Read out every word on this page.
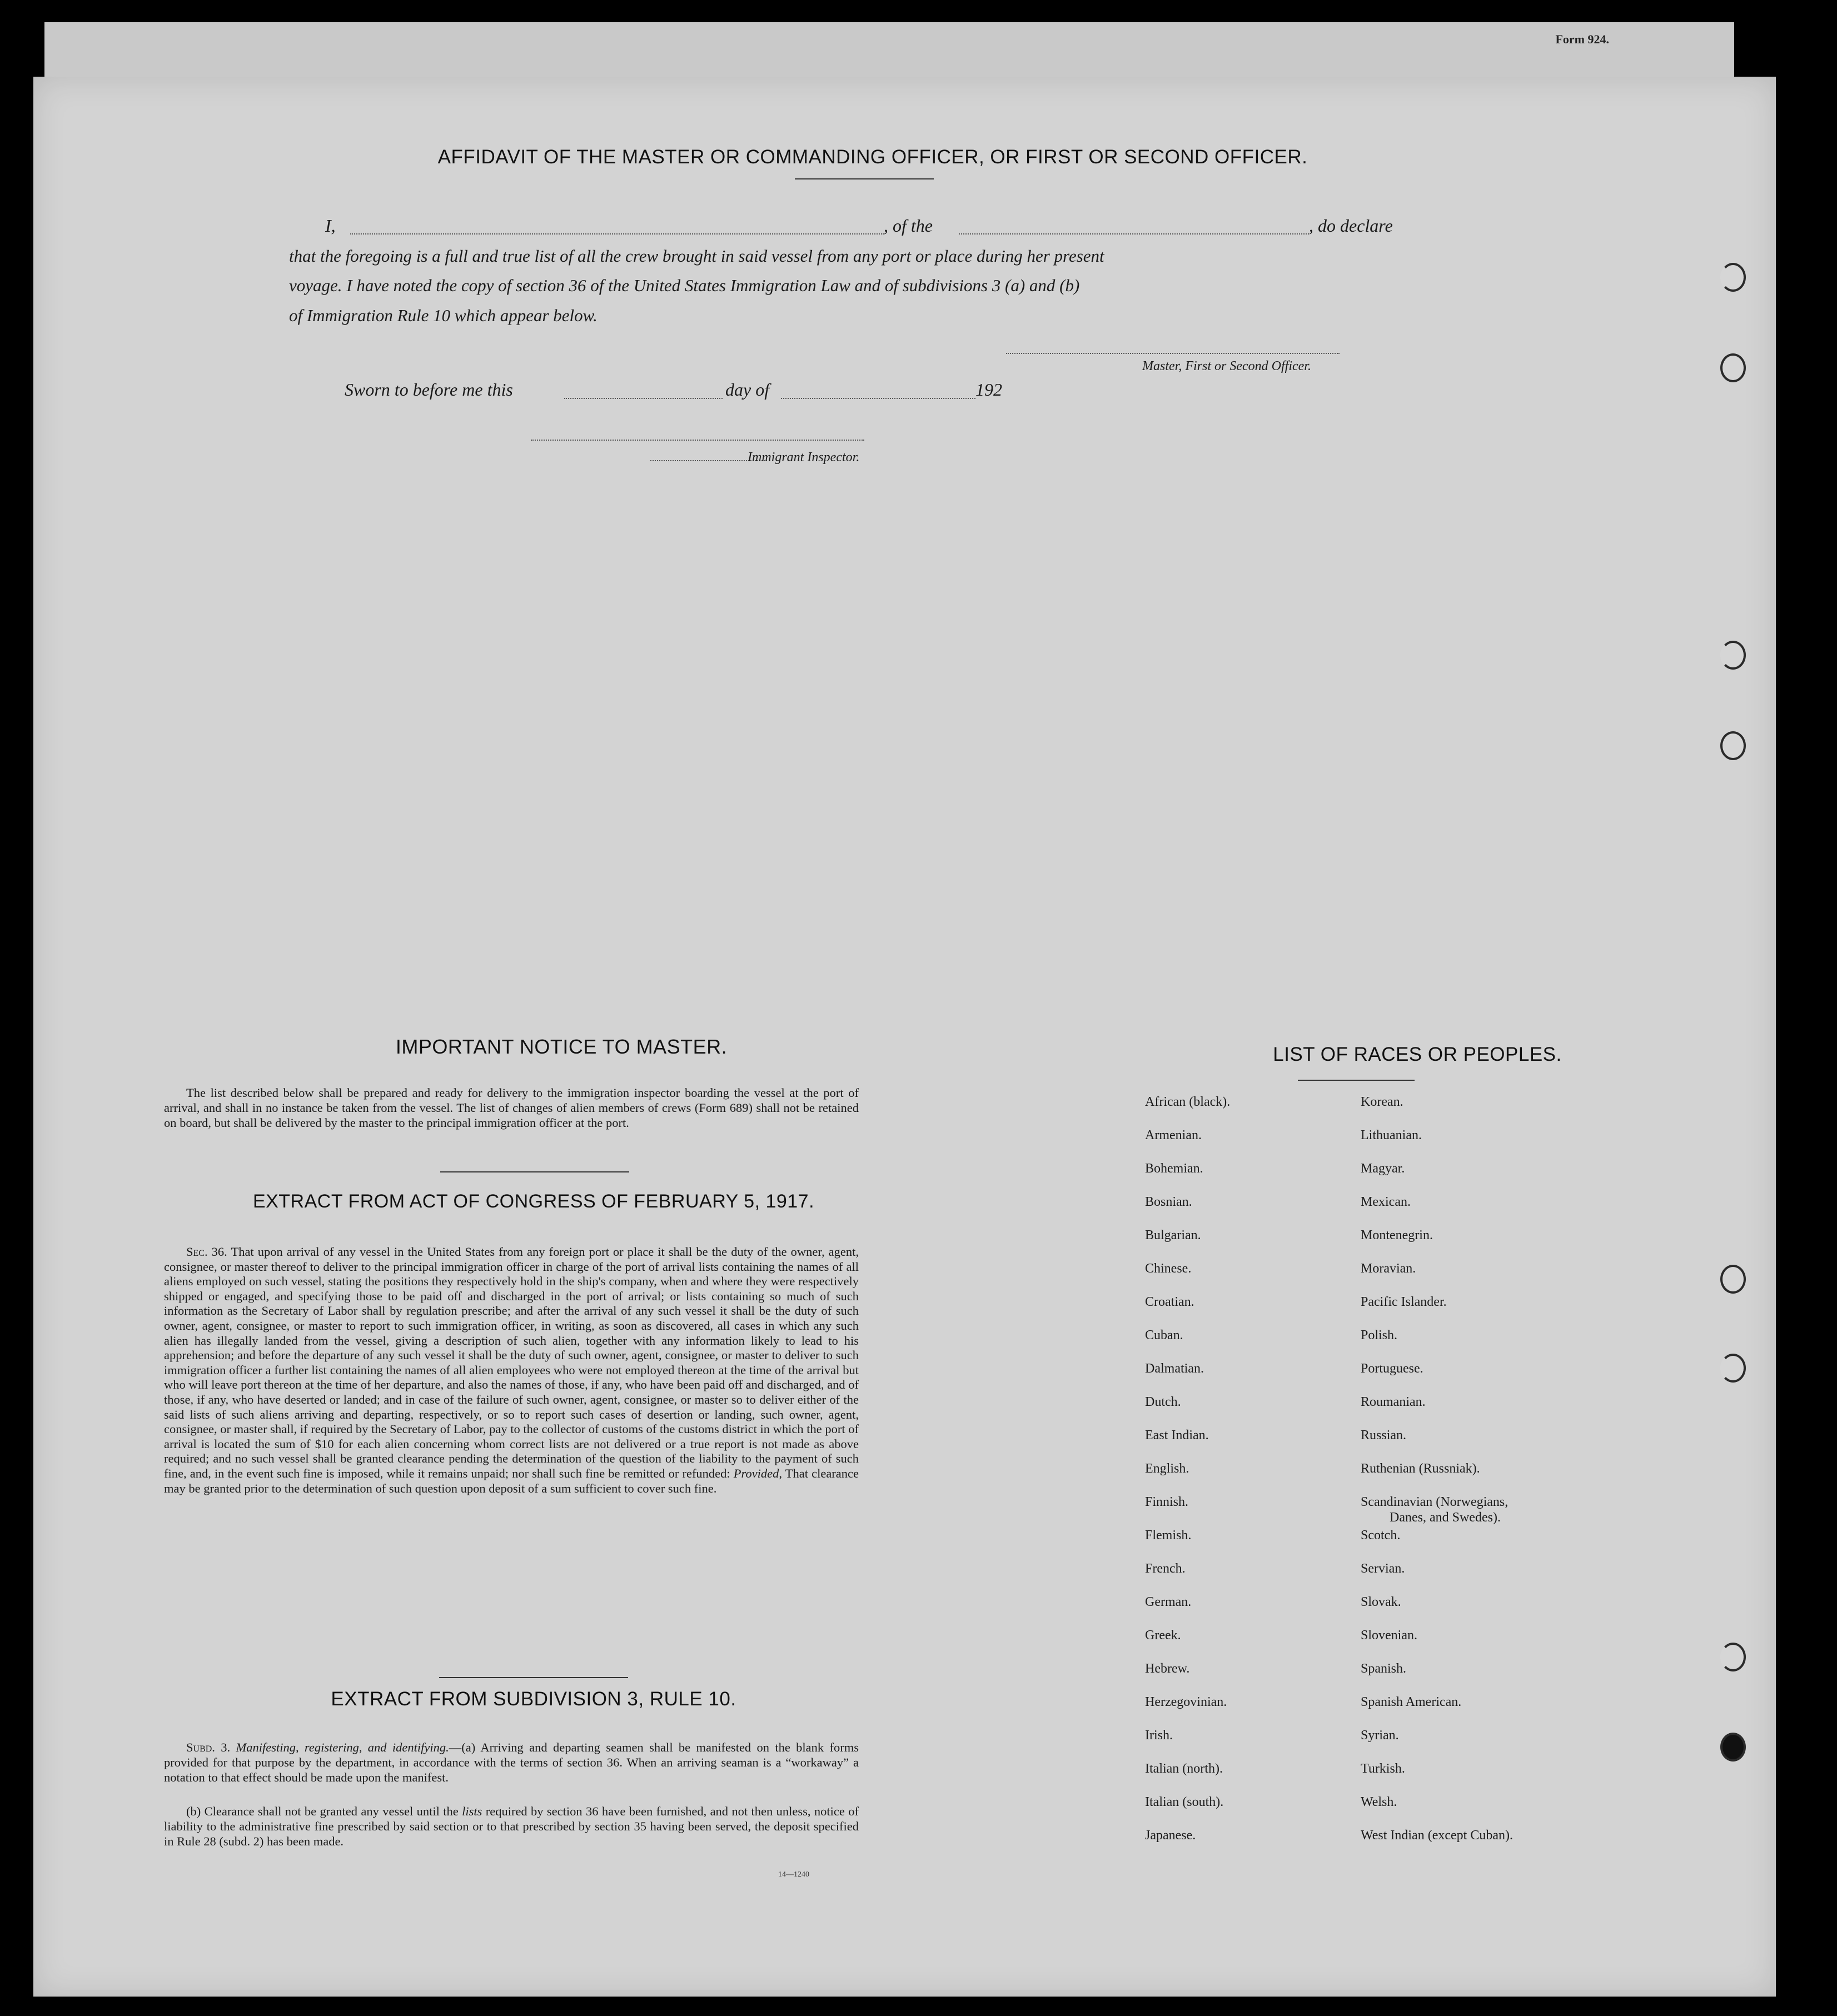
Form 924.
AFFIDAVIT OF THE MASTER OR COMMANDING OFFICER, OR FIRST OR SECOND OFFICER.
I,	, of the	, do declare
that the foregoing is a full and true list of all the crew brought in said vessel from any port or place during her present
voyage. I have noted the copy of section 36 of the United States Immigration Law and of subdivisions 3 (a) and (b)
of Immigration Rule 10 which appear below.
Master, First or Second Officer.
Sworn to before me this	day of	192
Immigrant Inspector.
IMPORTANT NOTICE TO MASTER.
The list described below shall be prepared and ready for delivery to the immigration inspector boarding the vessel at the port of arrival, and shall in no instance be taken from the vessel. The list of changes of alien members of crews (Form 689) shall not be retained on board, but shall be delivered by the master to the principal immigration officer at the port.
EXTRACT FROM ACT OF CONGRESS OF FEBRUARY 5, 1917.
Sec. 36. That upon arrival of any vessel in the United States from any foreign port or place it shall be the duty of the owner, agent, consignee, or master thereof to deliver to the principal immigration officer in charge of the port of arrival lists containing the names of all aliens employed on such vessel, stating the positions they respectively hold in the ship's company, when and where they were respectively shipped or engaged, and specifying those to be paid off and discharged in the port of arrival; or lists containing so much of such information as the Secretary of Labor shall by regulation prescribe; and after the arrival of any such vessel it shall be the duty of such owner, agent, consignee, or master to report to such immigration officer, in writing, as soon as discovered, all cases in which any such alien has illegally landed from the vessel, giving a description of such alien, together with any information likely to lead to his apprehension; and before the departure of any such vessel it shall be the duty of such owner, agent, consignee, or master to deliver to such immigration officer a further list containing the names of all alien employees who were not employed thereon at the time of the arrival but who will leave port thereon at the time of her departure, and also the names of those, if any, who have been paid off and discharged, and of those, if any, who have deserted or landed; and in case of the failure of such owner, agent, consignee, or master so to deliver either of the said lists of such aliens arriving and departing, respectively, or so to report such cases of desertion or landing, such owner, agent, consignee, or master shall, if required by the Secretary of Labor, pay to the collector of customs of the customs district in which the port of arrival is located the sum of $10 for each alien concerning whom correct lists are not delivered or a true report is not made as above required; and no such vessel shall be granted clearance pending the determination of the question of the liability to the payment of such fine, and, in the event such fine is imposed, while it remains unpaid; nor shall such fine be remitted or refunded: Provided, That clearance may be granted prior to the determination of such question upon deposit of a sum sufficient to cover such fine.
EXTRACT FROM SUBDIVISION 3, RULE 10.
Subd. 3. Manifesting, registering, and identifying.—(a) Arriving and departing seamen shall be manifested on the blank forms provided for that purpose by the department, in accordance with the terms of section 36. When an arriving seaman is a “workaway” a notation to that effect should be made upon the manifest.
(b) Clearance shall not be granted any vessel until the lists required by section 36 have been furnished, and not then unless, notice of liability to the administrative fine prescribed by said section or to that prescribed by section 35 having been served, the deposit specified in Rule 28 (subd. 2) has been made.
14—1240
LIST OF RACES OR PEOPLES.
African (black).
Armenian.
Bohemian.
Bosnian.
Bulgarian.
Chinese.
Croatian.
Cuban.
Dalmatian.
Dutch.
East Indian.
English.
Finnish.
Flemish.
French.
German.
Greek.
Hebrew.
Herzegovinian.
Irish.
Italian (north).
Italian (south).
Japanese.
Korean.
Lithuanian.
Magyar.
Mexican.
Montenegrin.
Moravian.
Pacific Islander.
Polish.
Portuguese.
Roumanian.
Russian.
Ruthenian (Russniak).
Scandinavian (Norwegians,
Danes, and Swedes).
Scotch.
Servian.
Slovak.
Slovenian.
Spanish.
Spanish American.
Syrian.
Turkish.
Welsh.
West Indian (except Cuban).
